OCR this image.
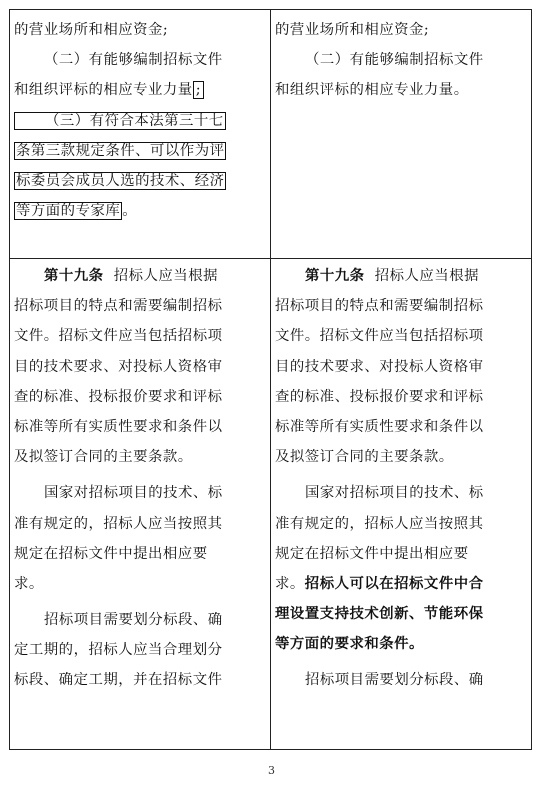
的营业场所和相应资金;
（二）有能够编制招标文件
和组织评标的相应专业力量 ;
（三）有符合本法第三十七
条第三款规定条件、可以作为评
标委员会成员人选的技术、经济
等方面的专家库 。
的营业场所和相应资金;
（二）有能够编制招标文件
和组织评标的相应专业力量。
第十九条 招标人应当根据
招标项目的特点和需要编制招标
文件。招标文件应当包括招标项
目的技术要求、对投标人资格审
查的标准、投标报价要求和评标
标准等所有实质性要求和条件以
及拟签订合同的主要条款。
国家对招标项目的技术、标
准有规定的，招标人应当按照其
规定在招标文件中提出相应要
求。
招标项目需要划分标段、确
定工期的，招标人应当合理划分
标段、确定工期，并在招标文件
第十九条 招标人应当根据
招标项目的特点和需要编制招标
文件。招标文件应当包括招标项
目的技术要求、对投标人资格审
查的标准、投标报价要求和评标
标准等所有实质性要求和条件以
及拟签订合同的主要条款。
国家对招标项目的技术、标
准有规定的，招标人应当按照其
规定在招标文件中提出相应要
求。招标人可以在招标文件中合
理设置支持技术创新、节能环保
等方面的要求和条件。
招标项目需要划分标段、确
3
